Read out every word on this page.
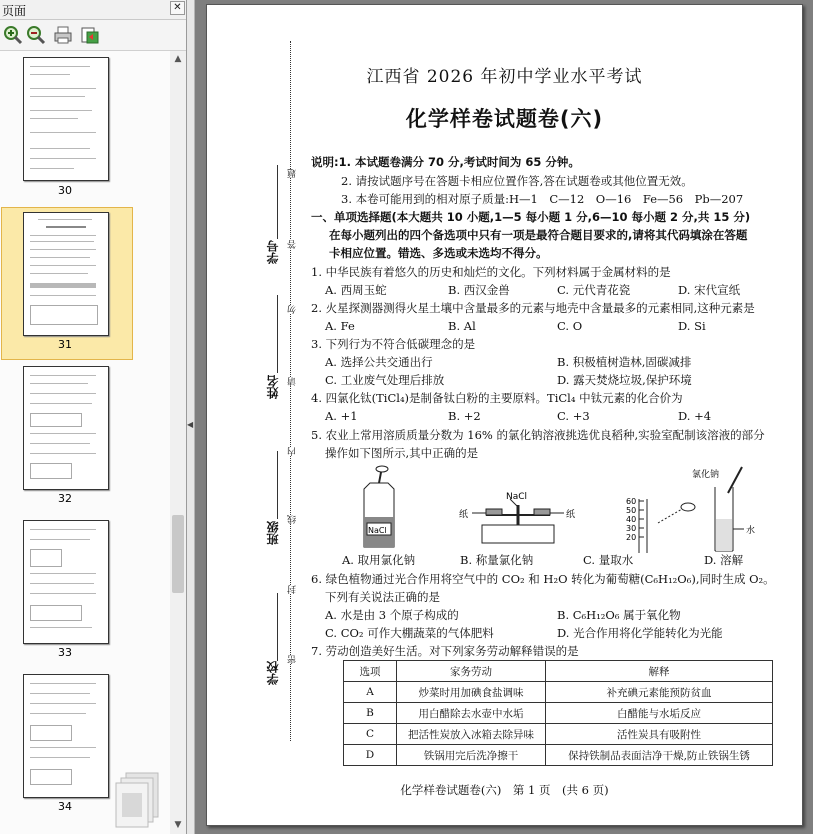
页面	✕
30
31
32
33
34
▲
▼
◀
题
答
勿
请
内
线
封
密
学号
姓名
班级
学校
江西省 2026 年初中学业水平考试
化学样卷试题卷(六)
说明:1. 本试题卷满分 70 分,考试时间为 65 分钟。
2. 请按试题序号在答题卡相应位置作答,答在试题卷或其他位置无效。
3. 本卷可能用到的相对原子质量:H—1　C—12　O—16　Fe—56　Pb—207
一、单项选择题(本大题共 10 小题,1—5 每小题 1 分,6—10 每小题 2 分,共 15 分)
在每小题列出的四个备选项中只有一项是最符合题目要求的,请将其代码填涂在答题
卡相应位置。错选、多选或未选均不得分。
1. 中华民族有着悠久的历史和灿烂的文化。下列材料属于金属材料的是
A. 西周玉蛇	B. 西汉金兽	C. 元代青花瓷	D. 宋代宣纸
2. 火星探测器测得火星土壤中含量最多的元素与地壳中含量最多的元素相同,这种元素是
A. Fe	B. Al	C. O	D. Si
3. 下列行为不符合低碳理念的是
A. 选择公共交通出行	B. 积极植树造林,固碳减排
C. 工业废气处理后排放	D. 露天焚烧垃圾,保护环境
4. 四氯化钛(TiCl₄)是制备钛白粉的主要原料。TiCl₄ 中钛元素的化合价为
A. +1	B. +2	C. +3	D. +4
5. 农业上常用溶质质量分数为 16% 的氯化钠溶液挑选优良稻种,实验室配制该溶液的部分
操作如下图所示,其中正确的是
NaCl
NaCl
纸	纸
60
50
40
30
20
氯化钠
水
A. 取用氯化钠	B. 称量氯化钠	C. 量取水	D. 溶解
6. 绿色植物通过光合作用将空气中的 CO₂ 和 H₂O 转化为葡萄糖(C₆H₁₂O₆),同时生成 O₂。
下列有关说法正确的是
A. 水是由 3 个原子构成的	B. C₆H₁₂O₆ 属于氧化物
C. CO₂ 可作大棚蔬菜的气体肥料	D. 光合作用将化学能转化为光能
7. 劳动创造美好生活。对下列家务劳动解释错误的是
选项	家务劳动	解释
A	炒菜时用加碘食盐调味	补充碘元素能预防贫血
B	用白醋除去水壶中水垢	白醋能与水垢反应
C	把活性炭放入冰箱去除异味	活性炭具有吸附性
D	铁锅用完后洗净擦干	保持铁制品表面洁净干燥,防止铁锅生锈
化学样卷试题卷(六)　第 1 页　(共 6 页)
